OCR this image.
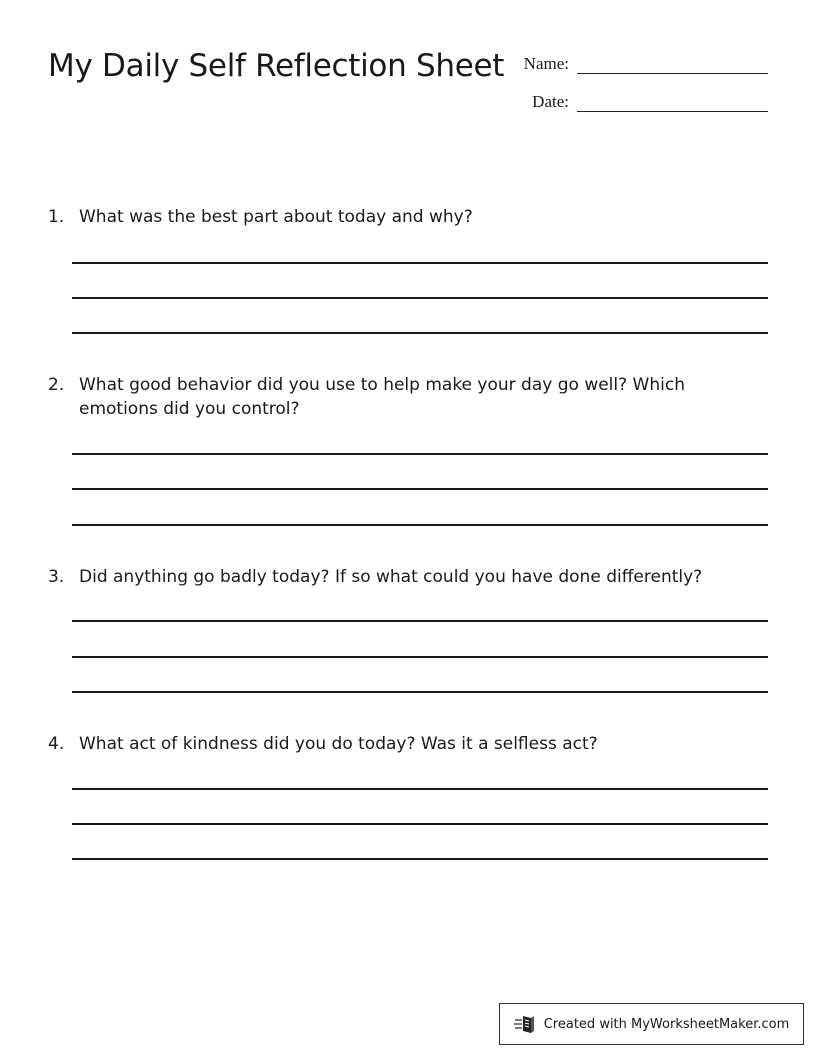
My Daily Self Reflection Sheet	Name:
Date:
1. What was the best part about today and why?
2. What good behavior did you use to help make your day go well? Which emotions did you control?
3. Did anything go badly today? If so what could you have done differently?
4. What act of kindness did you do today? Was it a selfless act?
Created with MyWorksheetMaker.com
